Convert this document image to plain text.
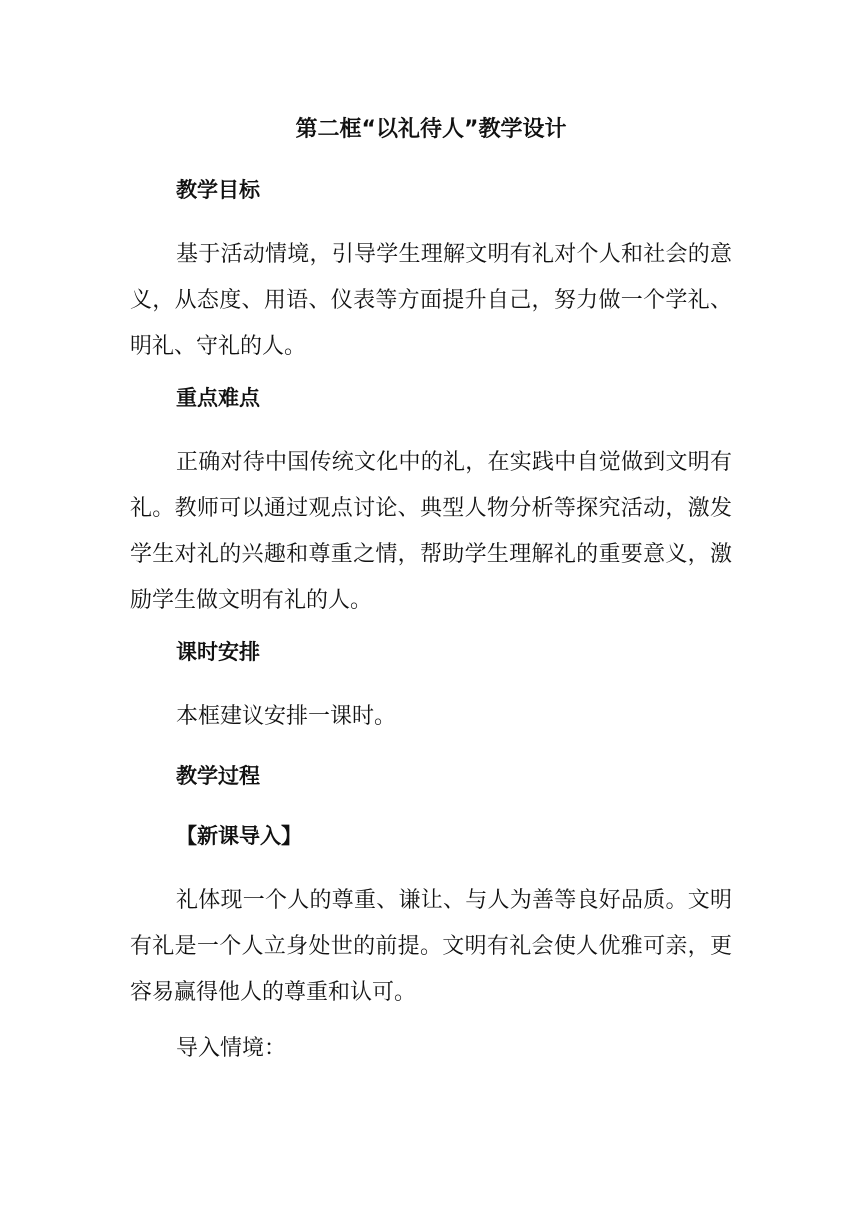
第二框“以礼待人”教学设计
教学目标
基于活动情境，引导学生理解文明有礼对个人和社会的意义，从态度、用语、仪表等方面提升自己，努力做一个学礼、明礼、守礼的人。
重点难点
正确对待中国传统文化中的礼，在实践中自觉做到文明有礼。教师可以通过观点讨论、典型人物分析等探究活动，激发学生对礼的兴趣和尊重之情，帮助学生理解礼的重要意义，激励学生做文明有礼的人。
课时安排
本框建议安排一课时。
教学过程
【新课导入】
礼体现一个人的尊重、谦让、与人为善等良好品质。文明有礼是一个人立身处世的前提。文明有礼会使人优雅可亲，更容易赢得他人的尊重和认可。
导入情境：
